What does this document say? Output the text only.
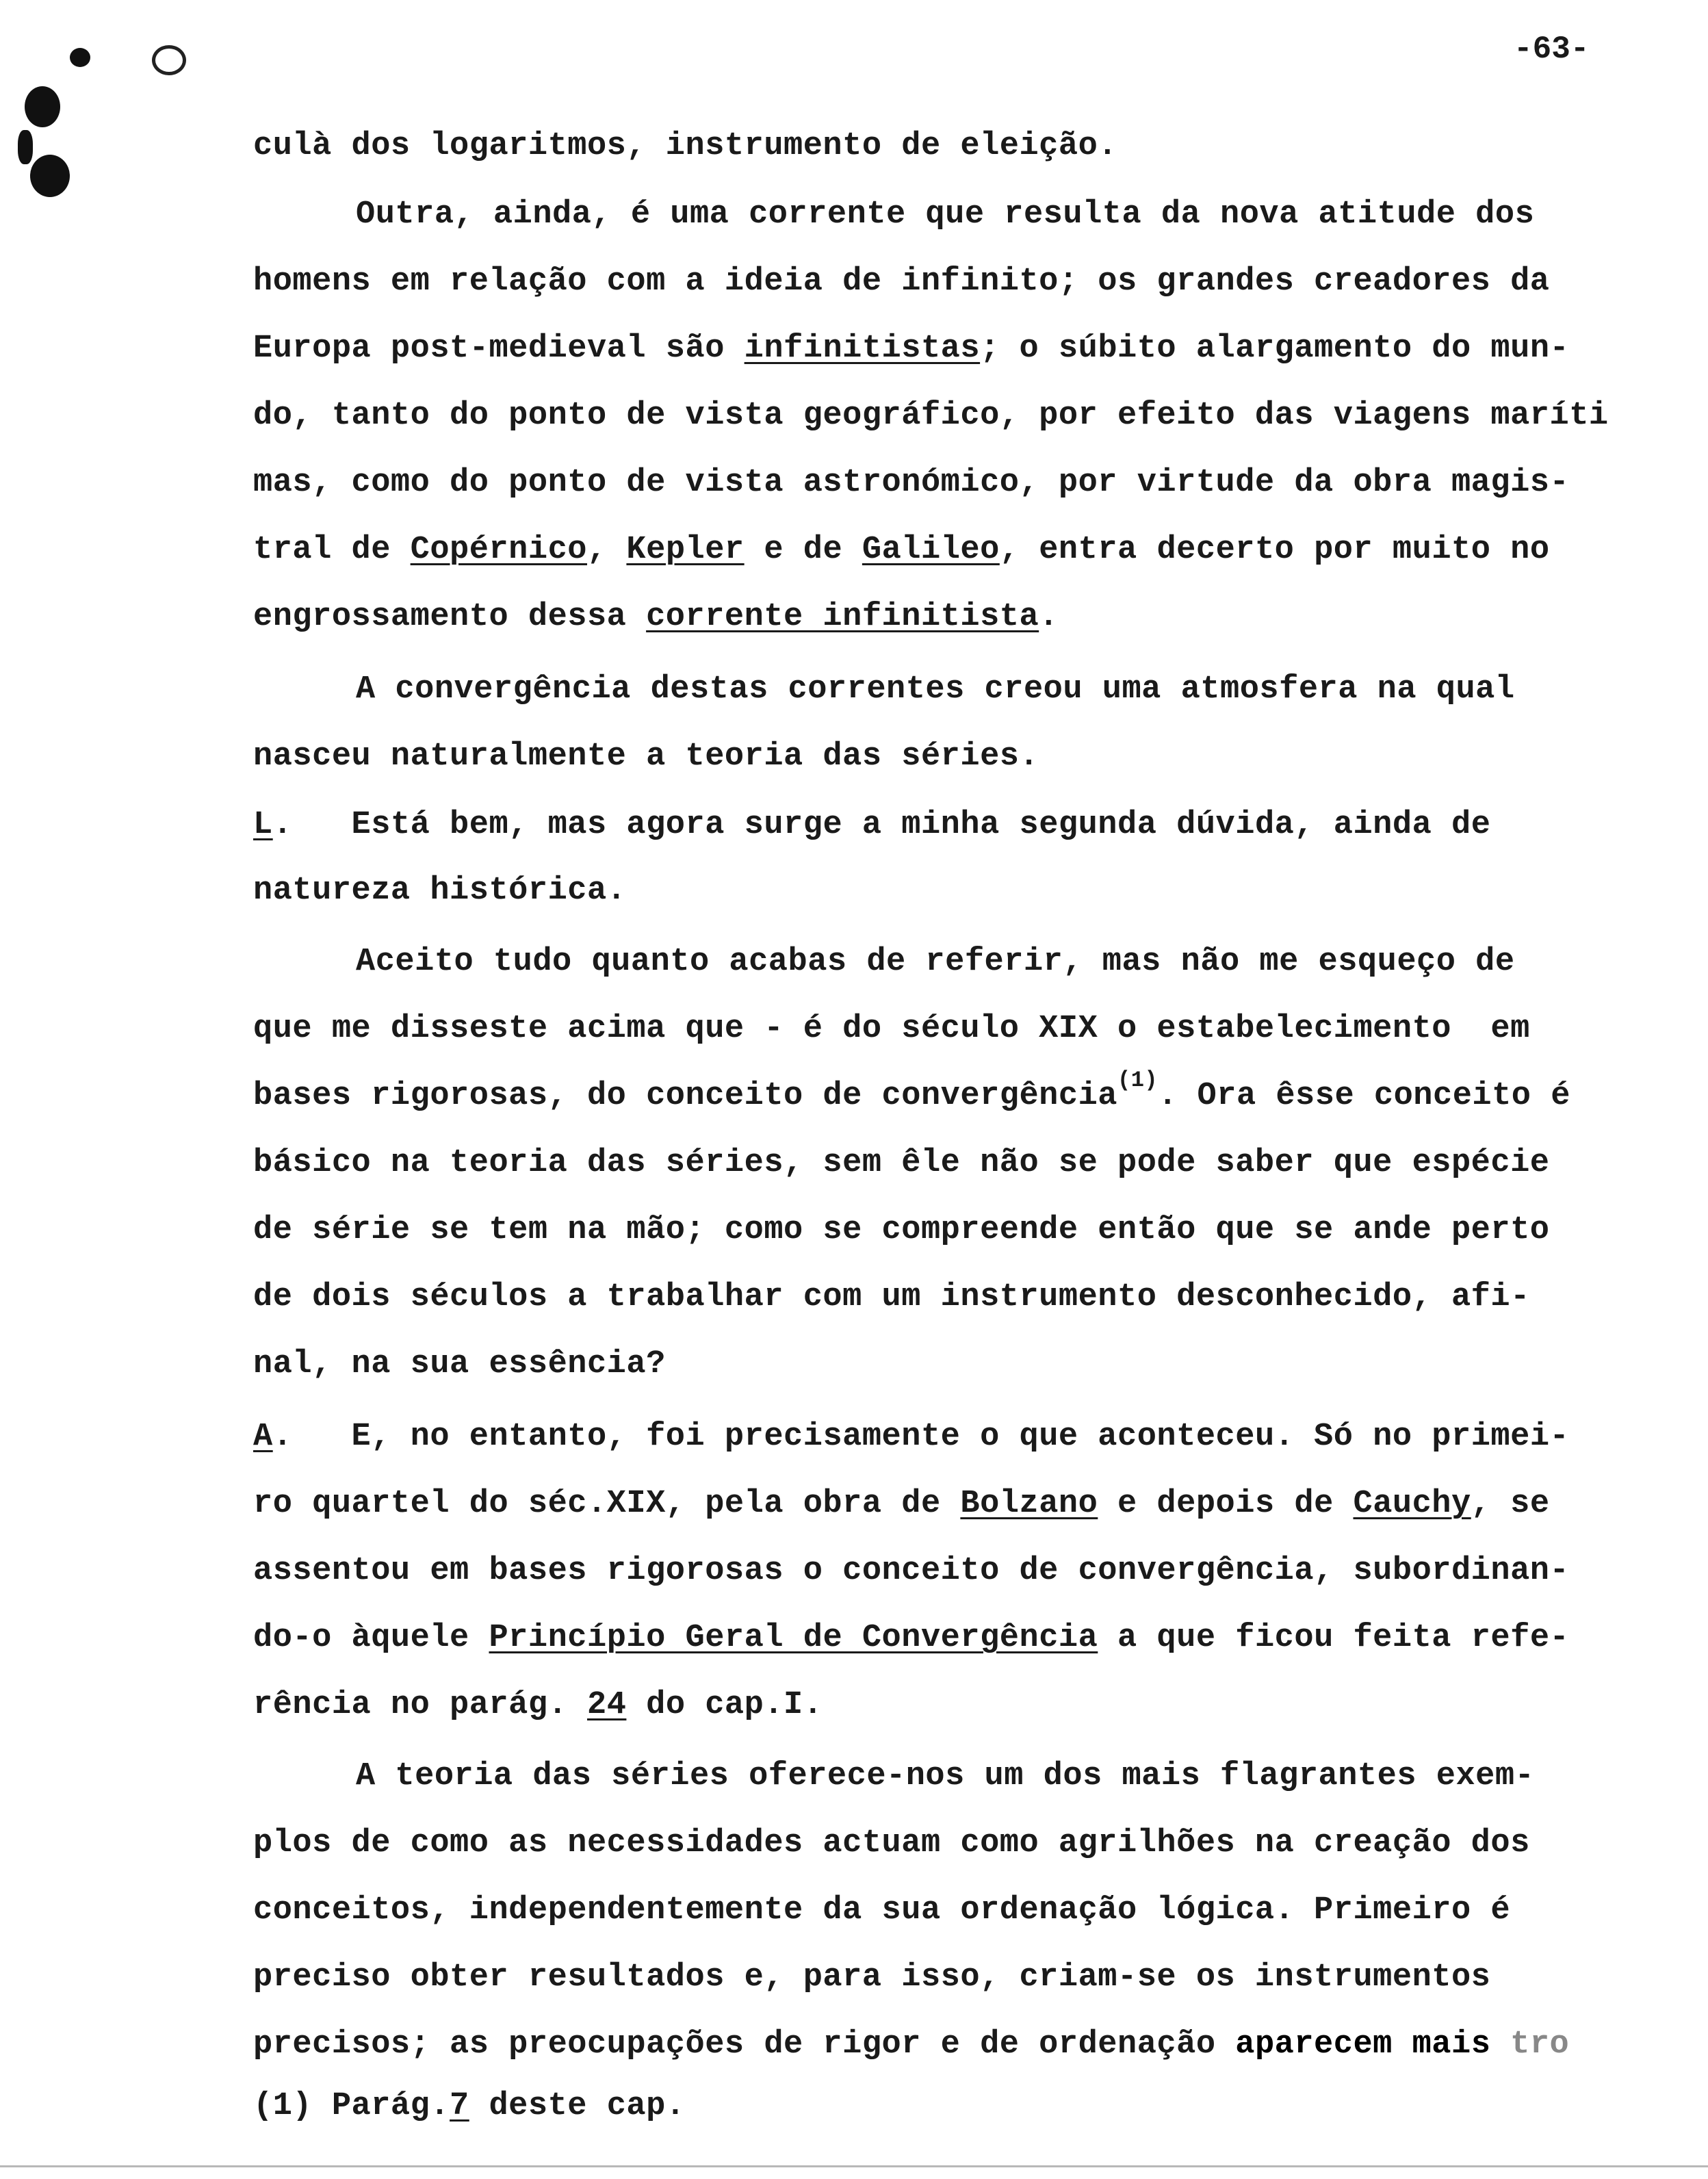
-63-
culà dos logaritmos, instrumento de eleição.
Outra, ainda, é uma corrente que resulta da nova atitude dos
homens em relação com a ideia de infinito; os grandes creadores da
Europa post-medieval são infinitistas; o súbito alargamento do mun-
do, tanto do ponto de vista geográfico, por efeito das viagens maríti
mas, como do ponto de vista astronómico, por virtude da obra magis-
tral de Copérnico, Kepler e de Galileo, entra decerto por muito no
engrossamento dessa corrente infinitista.
A convergência destas correntes creou uma atmosfera na qual
nasceu naturalmente a teoria das séries.
L.   Está bem, mas agora surge a minha segunda dúvida, ainda de
natureza histórica.
Aceito tudo quanto acabas de referir, mas não me esqueço de
que me disseste acima que - é do século XIX o estabelecimento  em
bases rigorosas, do conceito de convergência$^{(1)}$. Ora êsse conceito é
básico na teoria das séries, sem êle não se pode saber que espécie
de série se tem na mão; como se compreende então que se ande perto
de dois séculos a trabalhar com um instrumento desconhecido, afi-
nal, na sua essência?
A.   E, no entanto, foi precisamente o que aconteceu. Só no primei-
ro quartel do séc.XIX, pela obra de Bolzano e depois de Cauchy, se
assentou em bases rigorosas o conceito de convergência, subordinan-
do-o àquele Princípio Geral de Convergência a que ficou feita refe-
rência no parág. 24 do cap.I.
A teoria das séries oferece-nos um dos mais flagrantes exem-
plos de como as necessidades actuam como agrilhões na creação dos
conceitos, independentemente da sua ordenação lógica. Primeiro é
preciso obter resultados e, para isso, criam-se os instrumentos
precisos; as preocupações de rigor e de ordenação aparecem mais tro
(1) Parág.7 deste cap.
